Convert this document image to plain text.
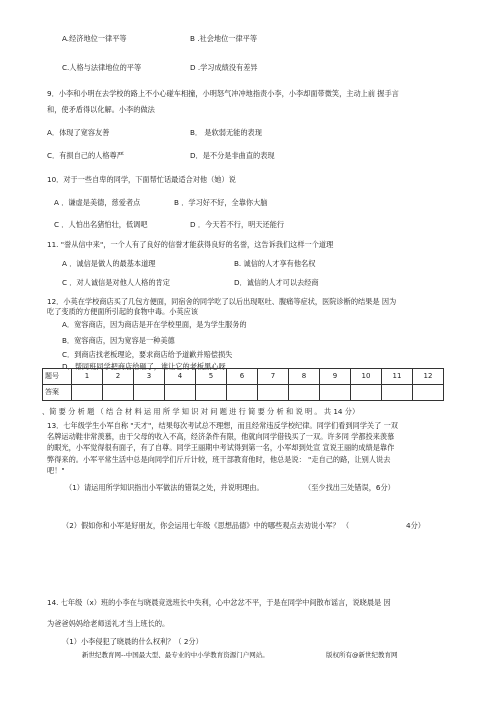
A.经济地位一律平等	B .社会地位一律平等
C.人格与法律地位的平等	D .学习成绩没有差异
9．小李和小明在去学校的路上不小心碰车相撞，小明怒气冲冲地指责小李，小李却面带微笑，主动上前 握手言
和，使矛盾得以化解。小李的做法
A．体现了宽容友善	B． 是软弱无能的表现
C．有损自己的人格尊严	D．是不分是非曲直的表现
10．对于一些自卑的同学，下面帮忙话最适合对他（她）说
A ．谦虚是美德，慈爱者点	B ．学习好不好，全靠你大脑
C ．人怕出名猪怕壮，低调吧	D ．今天若不行，明天还能行
11. "誉从信中来"，一个人有了良好的信誉才能获得良好的名誉，这告诉我们这样一个道理
A ．诚信是做人的最基本道理	B. 诚信的人才享有他名权
C ．对人诚信是对他人人格的肯定	D．诚信的人才可以去经商
12．小英在学校商店买了几包方便面，同宿舍的同学吃了以后出现呕吐、腹痛等症状，医院诊断的结果是 因为
吃了变质的方便面所引起的食物中毒。小英应该
A．宽容商店，因为商店是开在学校里面，是为学生服务的
B．宽容商店，因为宽容是一种美德
C．到商店找老板理论，要求商店给予道歉并赔偿损失
D．帮同班同学把商店给砸了，谁让它的老板黑心呀
题号	1	2	3	4	5	6	7	8	9	10	11	12
答案												
、简 要 分 析 题 （ 结 合 材 料 运 用 所 学 知 识 对 问 题 进 行 简 要 分 析 和 说 明 。 共 14 分）
13．七年级学生小军自称 "天才"，结果每次考试总不理想，而且经常违反学校纪律。同学们看到同学关了 一双
名牌运动鞋非常羡慕，由于父母的收入不高，经济条件有限，他就向同学借钱买了一双。许多同 学都投来羡慕
的眼光，小军觉得很有面子，有了自尊。同学王丽期中考试得到第一名，小军却到处宣 宣说王丽的成绩是靠作
弊得来的。小军平常生活中总是向同学们斤斤计较，班干部教育他时，他总是说： "走自己的路，让别人说去
吧！"
（1）请运用所学知识指出小军做法的错误之处，并说明理由。	（至少找出三处错误，6分）
（2）假如你和小军是好朋友，你会运用七年级《思想品德》中的哪些观点去劝说小军？ （	4分）
14. 七年级（x）班的小李在与晓晨竞选班长中失利，心中忿忿不平，于是在同学中间散布谣言，说晓晨是 因
为爸爸妈妈给老师送礼才当上班长的。
（1）小李侵犯了晓晨的什么权利？（ 2分）
新世纪教育网--中国最大型、最专业的中小学教育资源门户网站。	版权所有@新世纪教育网
